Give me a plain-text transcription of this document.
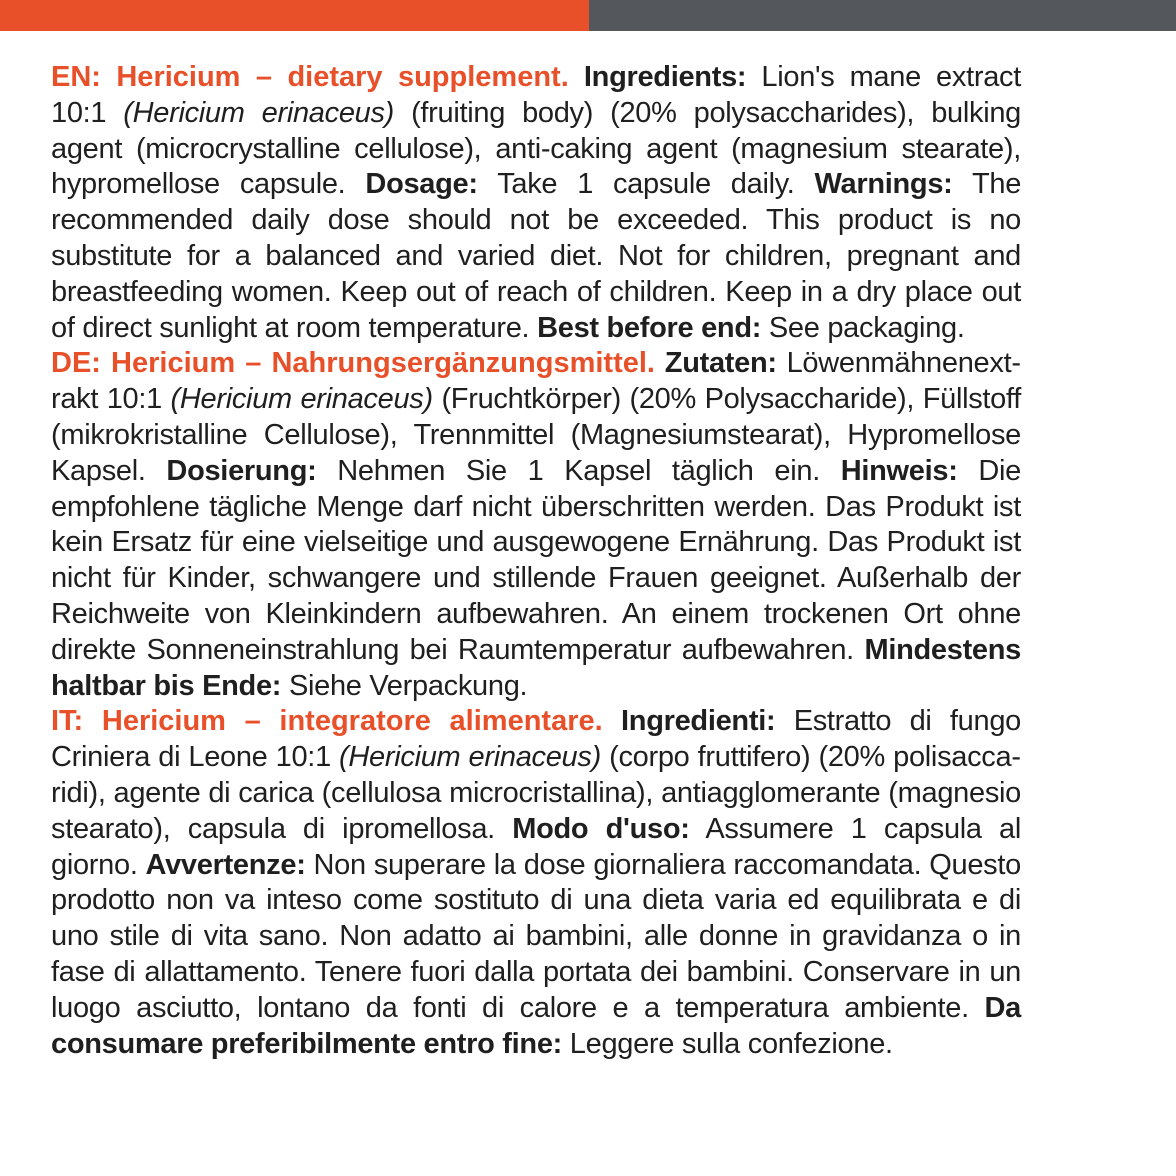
EN: Hericium – dietary supplement. Ingredients: Lion's mane extract 10:1 (Hericium erinaceus) (fruiting body) (20% polysaccharides), bulking agent (microcrystalline cellulose), anti-caking agent (magnesium stearate), hypromellose capsule. Dosage: Take 1 capsule daily. Warnings: The recommended daily dose should not be exceeded. This product is no substitute for a balanced and varied diet. Not for children, pregnant and breastfeeding women. Keep out of reach of children. Keep in a dry place out of direct sunlight at room temperature. Best before end: See packaging.

DE: Hericium – Nahrungsergänzungsmittel. Zutaten: Löwenmähnenextrakt 10:1 (Hericium erinaceus) (Fruchtkörper) (20% Polysaccharide), Füllstoff (mikrokristalline Cellulose), Trennmittel (Magnesiumstearat), Hypromellose Kapsel. Dosierung: Nehmen Sie 1 Kapsel täglich ein. Hinweis: Die empfohlene tägliche Menge darf nicht überschritten werden. Das Produkt ist kein Ersatz für eine vielseitige und ausgewogene Ernährung. Das Produkt ist nicht für Kinder, schwangere und stillende Frauen geeignet. Außerhalb der Reichweite von Kleinkindern aufbewahren. An einem trockenen Ort ohne direkte Sonneneinstrahlung bei Raumtemperatur aufbewahren. Mindestens haltbar bis Ende: Siehe Verpackung.

IT: Hericium – integratore alimentare. Ingredienti: Estratto di fungo Criniera di Leone 10:1 (Hericium erinaceus) (corpo fruttifero) (20% polisaccaridi), agente di carica (cellulosa microcristallina), antiagglomerante (magnesio stearato), capsula di ipromellosa. Modo d'uso: Assumere 1 capsula al giorno. Avvertenze: Non superare la dose giornaliera raccomandata. Questo prodotto non va inteso come sostituto di una dieta varia ed equilibrata e di uno stile di vita sano. Non adatto ai bambini, alle donne in gravidanza o in fase di allattamento. Tenere fuori dalla portata dei bambini. Conservare in un luogo asciutto, lontano da fonti di calore e a temperatura ambiente. Da consumare preferibilmente entro fine: Leggere sulla confezione.
